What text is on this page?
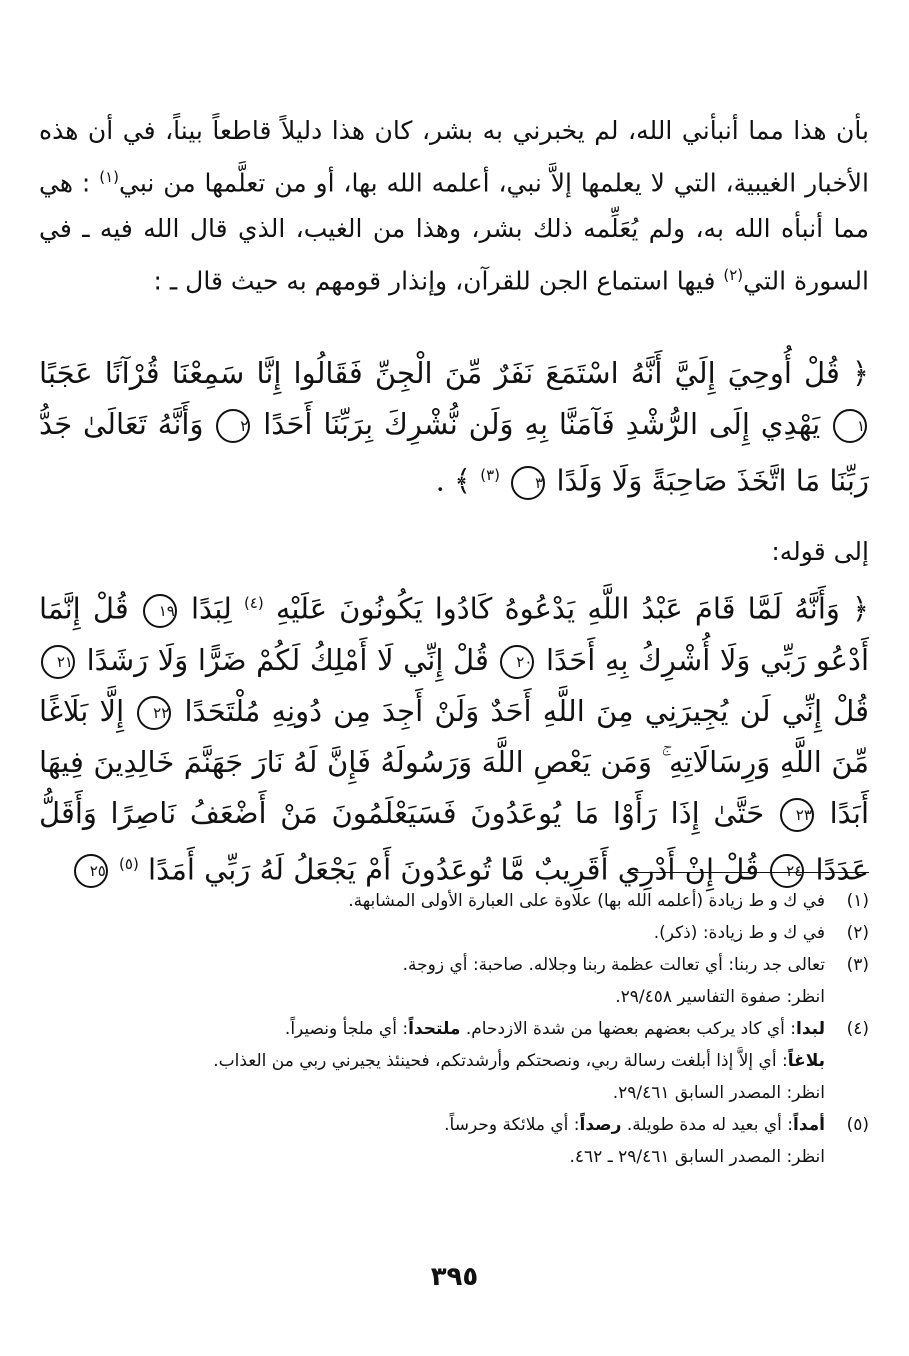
بأن هذا مما أنبأني الله، لم يخبرني به بشر، كان هذا دليلاً قاطعاً بيناً، في أن هذه الأخبار الغيبية، التي لا يعلمها إلاَّ نبي، أعلمه الله بها، أو من تعلَّمها من نبي$^{(١)}$ : هي مما أنبأه الله به، ولم يُعَلِّمه ذلك بشر، وهذا من الغيب، الذي قال الله فيه ـ في السورة التي$^{(٢)}$ فيها استماع الجن للقرآن، وإنذار قومهم به حيث قال ـ :

﴿ قُلْ أُوحِيَ إِلَيَّ أَنَّهُ اسْتَمَعَ نَفَرٌ مِّنَ الْجِنِّ فَقَالُوا إِنَّا سَمِعْنَا قُرْآنًا عَجَبًا ١ يَهْدِي إِلَى الرُّشْدِ فَآمَنَّا بِهِ وَلَن نُّشْرِكَ بِرَبِّنَا أَحَدًا ٢ وَأَنَّهُ تَعَالَىٰ جَدُّ رَبِّنَا مَا اتَّخَذَ صَاحِبَةً وَلَا وَلَدًا ٣ $^{(٣)}$ ﴾ .

إلى قوله:

﴿ وَأَنَّهُ لَمَّا قَامَ عَبْدُ اللَّهِ يَدْعُوهُ كَادُوا يَكُونُونَ عَلَيْهِ $^{(٤)}$ لِبَدًا ١٩ قُلْ إِنَّمَا أَدْعُو رَبِّي وَلَا أُشْرِكُ بِهِ أَحَدًا ٢٠ قُلْ إِنِّي لَا أَمْلِكُ لَكُمْ ضَرًّا وَلَا رَشَدًا ٢١ قُلْ إِنِّي لَن يُجِيرَنِي مِنَ اللَّهِ أَحَدٌ وَلَنْ أَجِدَ مِن دُونِهِ مُلْتَحَدًا ٢٢ إِلَّا بَلَاغًا مِّنَ اللَّهِ وَرِسَالَاتِهِ ۚ وَمَن يَعْصِ اللَّهَ وَرَسُولَهُ فَإِنَّ لَهُ نَارَ جَهَنَّمَ خَالِدِينَ فِيهَا أَبَدًا ٢٣ حَتَّىٰ إِذَا رَأَوْا مَا يُوعَدُونَ فَسَيَعْلَمُونَ مَنْ أَضْعَفُ نَاصِرًا وَأَقَلُّ عَدَدًا ٢٤ قُلْ إِنْ أَدْرِي أَقَرِيبٌ مَّا تُوعَدُونَ أَمْ يَجْعَلُ لَهُ رَبِّي أَمَدًا $^{(٥)}$ ٢٥

(١)

في ك و ط زيادة (أعلمه الله بها) علاوة على العبارة الأولى المشابهة.

(٢)

في ك و ط زيادة: (ذكر).

(٣)

تعالى جد ربنا: أي تعالت عظمة ربنا وجلاله. صاحبة: أي زوجة.

انظر: صفوة التفاسير ٢٩/٤٥٨.

(٤)

لبدا: أي كاد يركب بعضهم بعضها من شدة الازدحام. ملتحداً: أي ملجأ ونصيراً.

بلاغاً: أي إلاَّ إذا أبلغت رسالة ربي، ونصحتكم وأرشدتكم، فحينئذ يجيرني ربي من العذاب.

انظر: المصدر السابق ٢٩/٤٦١.

(٥)

أمداً: أي بعيد له مدة طويلة. رصداً: أي ملائكة وحرساً.

انظر: المصدر السابق ٢٩/٤٦١ ـ ٤٦٢.

٣٩٥
